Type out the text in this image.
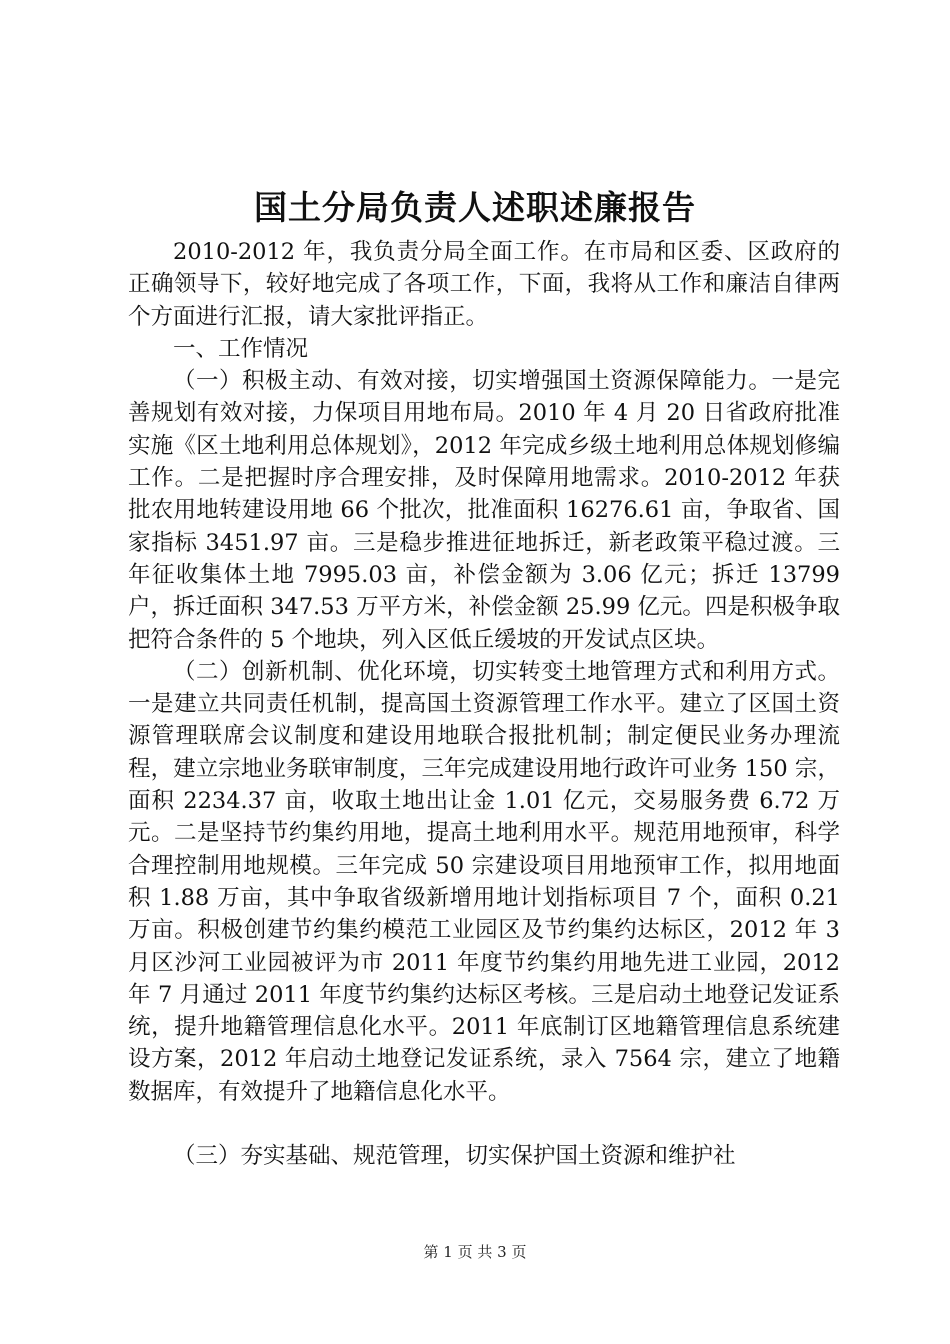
国土分局负责人述职述廉报告

2010-2012 年，我负责分局全面工作。在市局和区委、区政府的正确领导下，较好地完成了各项工作，下面，我将从工作和廉洁自律两个方面进行汇报，请大家批评指正。

一、工作情况

（一）积极主动、有效对接，切实增强国土资源保障能力。一是完善规划有效对接，力保项目用地布局。2010 年 4 月 20 日省政府批准实施《区土地利用总体规划》，2012 年完成乡级土地利用总体规划修编工作。二是把握时序合理安排，及时保障用地需求。2010-2012 年获批农用地转建设用地 66 个批次，批准面积 16276.61 亩，争取省、国家指标 3451.97 亩。三是稳步推进征地拆迁，新老政策平稳过渡。三年征收集体土地 7995.03 亩，补偿金额为 3.06 亿元；拆迁 13799 户，拆迁面积 347.53 万平方米，补偿金额 25.99 亿元。四是积极争取把符合条件的 5 个地块，列入区低丘缓坡的开发试点区块。

（二）创新机制、优化环境，切实转变土地管理方式和利用方式。一是建立共同责任机制，提高国土资源管理工作水平。建立了区国土资源管理联席会议制度和建设用地联合报批机制；制定便民业务办理流程，建立宗地业务联审制度，三年完成建设用地行政许可业务 150 宗，面积 2234.37 亩，收取土地出让金 1.01 亿元，交易服务费 6.72 万元。二是坚持节约集约用地，提高土地利用水平。规范用地预审，科学合理控制用地规模。三年完成 50 宗建设项目用地预审工作，拟用地面积 1.88 万亩，其中争取省级新增用地计划指标项目 7 个，面积 0.21 万亩。积极创建节约集约模范工业园区及节约集约达标区，2012 年 3 月区沙河工业园被评为市 2011 年度节约集约用地先进工业园，2012 年 7 月通过 2011 年度节约集约达标区考核。三是启动土地登记发证系统，提升地籍管理信息化水平。2011 年底制订区地籍管理信息系统建设方案，2012 年启动土地登记发证系统，录入 7564 宗，建立了地籍数据库，有效提升了地籍信息化水平。

（三）夯实基础、规范管理，切实保护国土资源和维护社

第 1 页 共 3 页
